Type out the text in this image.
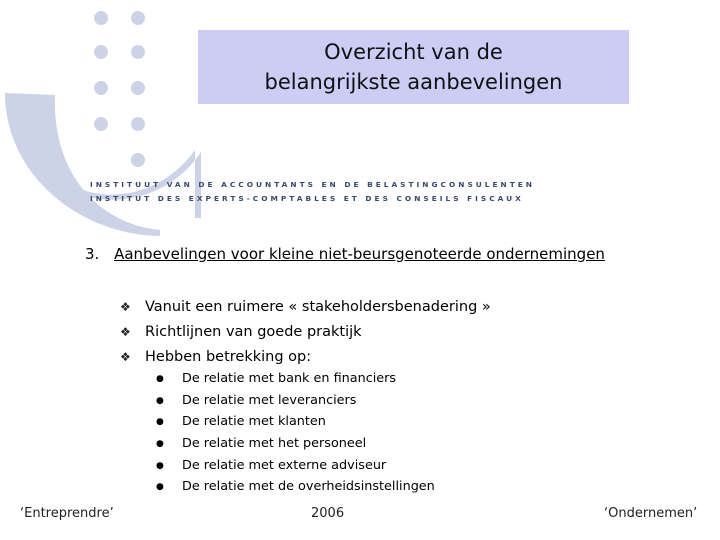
Overzicht van de
belangrijkste aanbevelingen
INSTITUUT VAN DE ACCOUNTANTS EN DE BELASTINGCONSULENTEN
INSTITUT DES EXPERTS-COMPTABLES ET DES CONSEILS FISCAUX
3. Aanbevelingen voor kleine niet-beursgenoteerde ondernemingen
❖ Vanuit een ruimere « stakeholdersbenadering »
❖ Richtlijnen van goede praktijk
❖ Hebben betrekking op:
● De relatie met bank en financiers
● De relatie met leveranciers
● De relatie met klanten
● De relatie met het personeel
● De relatie met externe adviseur
● De relatie met de overheidsinstellingen
‘Entreprendre’	2006	‘Ondernemen’
